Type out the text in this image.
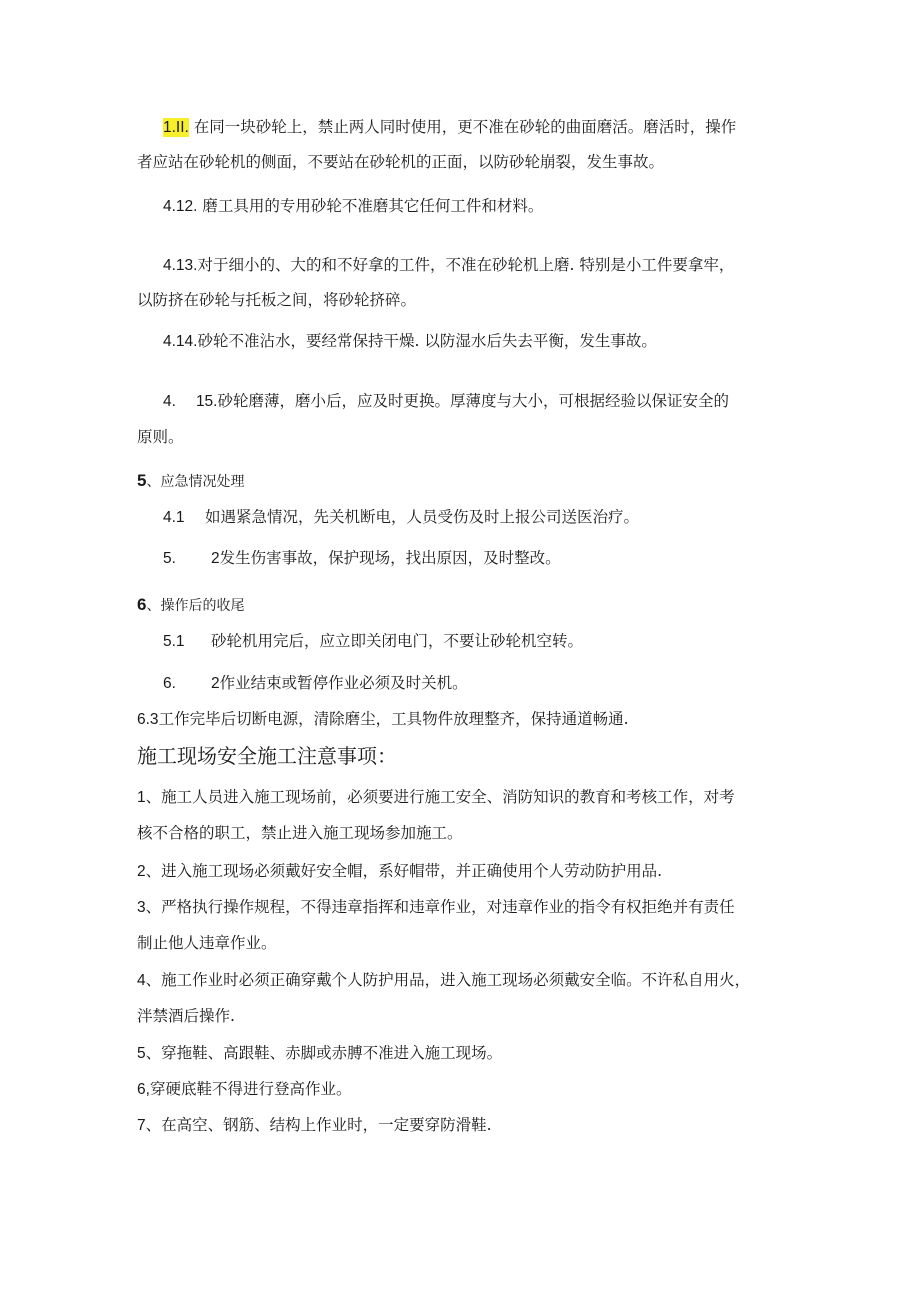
1.II. 在同一块砂轮上，禁止两人同时使用，更不准在砂轮的曲面磨活。磨活时，操作

者应站在砂轮机的侧面，不要站在砂轮机的正面，以防砂轮崩裂，发生事故。

4.12. 磨工具用的专用砂轮不准磨其它任何工件和材料。

4.13.对于细小的、大的和不好拿的工件，不准在砂轮机上磨. 特别是小工件要拿牢，

以防挤在砂轮与托板之间，将砂轮挤碎。

4.14.砂轮不准沾水，要经常保持干燥. 以防湿水后失去平衡，发生事故。

4. 15.砂轮磨薄，磨小后，应及时更换。厚薄度与大小，可根据经验以保证安全的

原则。

5、应急情况处理

4.1 如遇紧急情况，先关机断电，人员受伤及时上报公司送医治疗。

5. 2发生伤害事故，保护现场，找出原因，及时整改。

6、操作后的收尾

5.1 砂轮机用完后，应立即关闭电门，不要让砂轮机空转。

6. 2作业结束或暂停作业必须及时关机。

6.3工作完毕后切断电源，清除磨尘，工具物件放理整齐，保持通道畅通.

施工现场安全施工注意事项：

1、施工人员进入施工现场前，必须要进行施工安全、消防知识的教育和考核工作，对考

核不合格的职工，禁止进入施工现场参加施工。

2、进入施工现场必须戴好安全帽，系好帽带，并正确使用个人劳动防护用品.

3、严格执行操作规程，不得违章指挥和违章作业，对违章作业的指令有权拒绝并有责任

制止他人违章作业。

4、施工作业时必须正确穿戴个人防护用品，进入施工现场必须戴安全临。不许私自用火，

泮禁酒后操作.

5、穿拖鞋、高跟鞋、赤脚或赤膊不准进入施工现场。

6,穿硬底鞋不得进行登高作业。

7、在高空、钢筋、结构上作业时，一定要穿防滑鞋.
